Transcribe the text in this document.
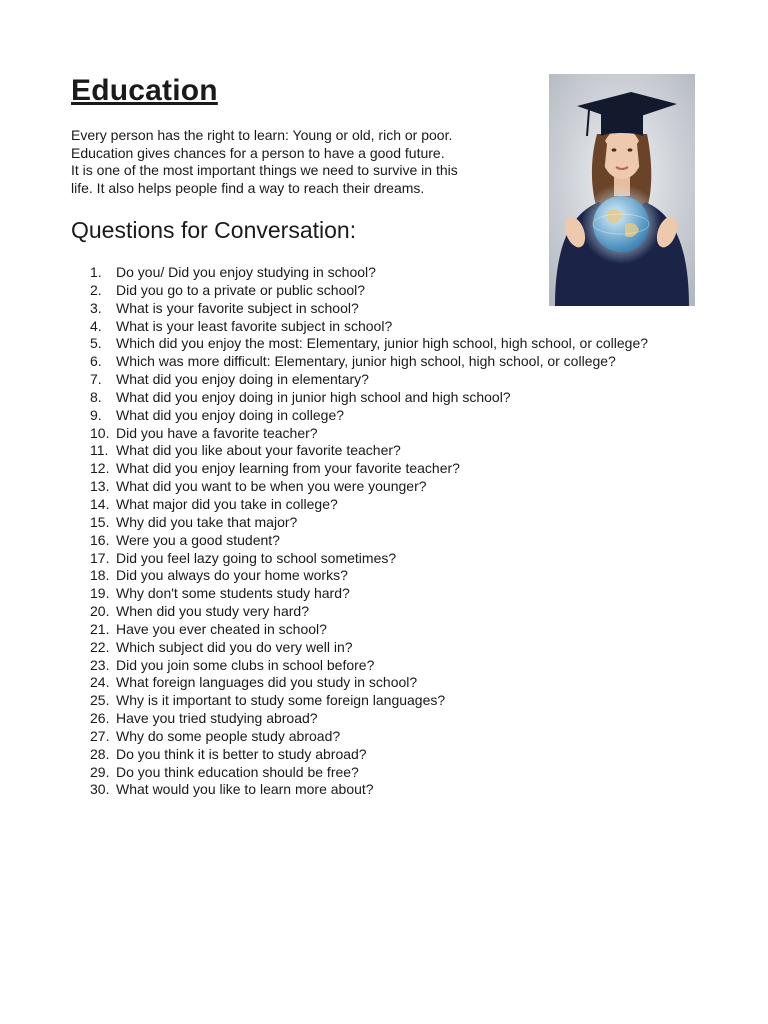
Education
Every person has the right to learn: Young or old, rich or poor.
Education gives chances for a person to have a good future.
It is one of the most important things we need to survive in this
life. It also helps people find a way to reach their dreams.
Questions for Conversation:
1.	Do you/ Did you enjoy studying in school?
2.	Did you go to a private or public school?
3.	What is your favorite subject in school?
4.	What is your least favorite subject in school?
5.	Which did you enjoy the most: Elementary, junior high school, high school, or college?
6.	Which was more difficult: Elementary, junior high school, high school, or college?
7.	What did you enjoy doing in elementary?
8.	What did you enjoy doing in junior high school and high school?
9.	What did you enjoy doing in college?
10. Did you have a favorite teacher?
11. What did you like about your favorite teacher?
12. What did you enjoy learning from your favorite teacher?
13. What did you want to be when you were younger?
14. What major did you take in college?
15. Why did you take that major?
16. Were you a good student?
17. Did you feel lazy going to school sometimes?
18. Did you always do your home works?
19. Why don't some students study hard?
20. When did you study very hard?
21. Have you ever cheated in school?
22. Which subject did you do very well in?
23. Did you join some clubs in school before?
24. What foreign languages did you study in school?
25. Why is it important to study some foreign languages?
26. Have you tried studying abroad?
27. Why do some people study abroad?
28. Do you think it is better to study abroad?
29. Do you think education should be free?
30. What would you like to learn more about?
